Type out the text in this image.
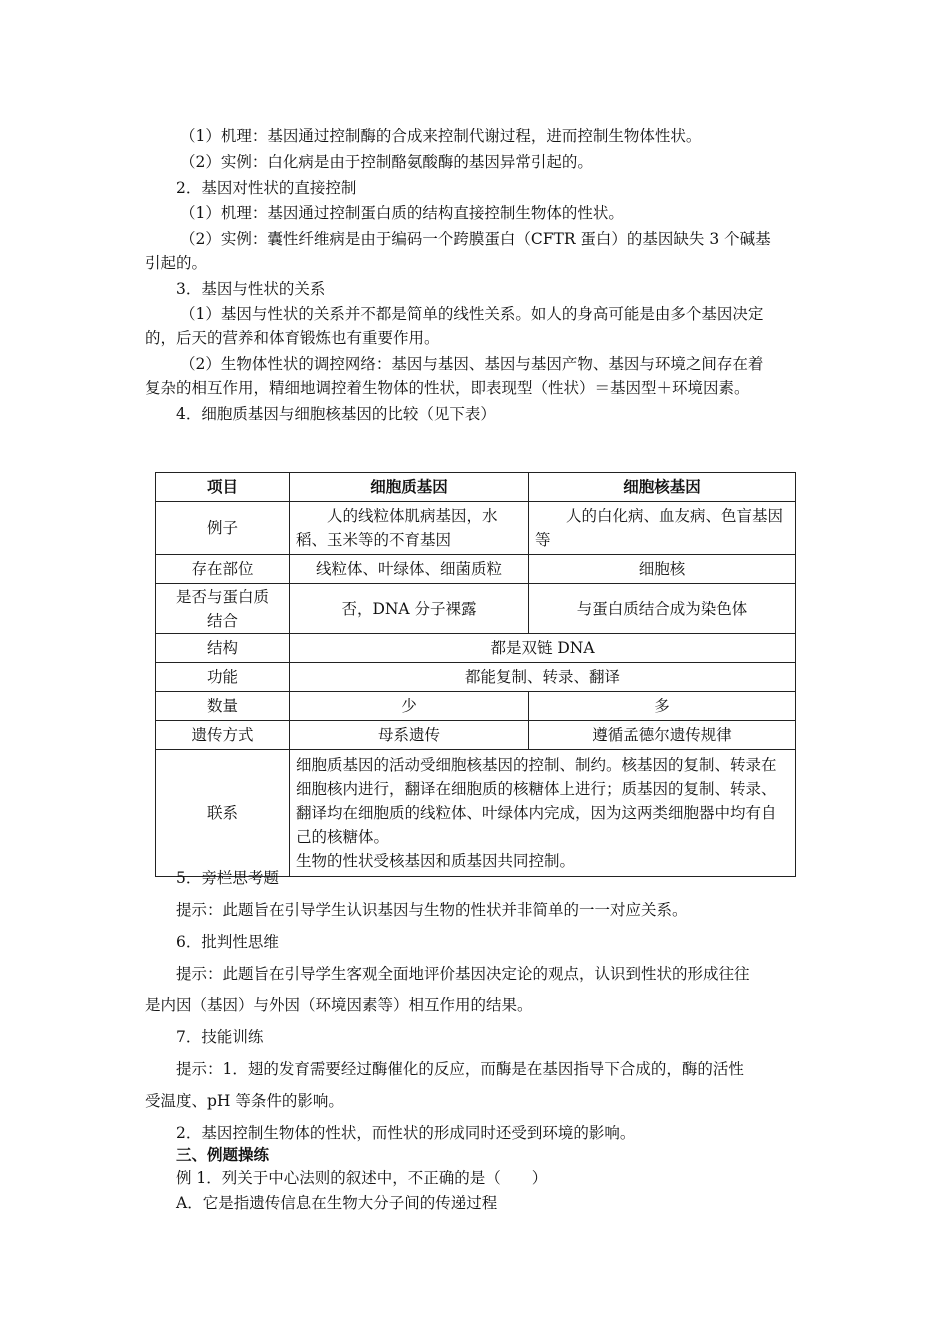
（1）机理：基因通过控制酶的合成来控制代谢过程，进而控制生物体性状。
（2）实例：白化病是由于控制酪氨酸酶的基因异常引起的。
2．基因对性状的直接控制
（1）机理：基因通过控制蛋白质的结构直接控制生物体的性状。
（2）实例：囊性纤维病是由于编码一个跨膜蛋白（CFTR 蛋白）的基因缺失 3 个碱基
引起的。
3．基因与性状的关系
（1）基因与性状的关系并不都是简单的线性关系。如人的身高可能是由多个基因决定
的，后天的营养和体育锻炼也有重要作用。
（2）生物体性状的调控网络：基因与基因、基因与基因产物、基因与环境之间存在着
复杂的相互作用，精细地调控着生物体的性状，即表现型（性状）＝基因型＋环境因素。
4．细胞质基因与细胞核基因的比较（见下表）
项目	细胞质基因	细胞核基因
例子	人的线粒体肌病基因，水稻、玉米等的不育基因	人的白化病、血友病、色盲基因等
存在部位	线粒体、叶绿体、细菌质粒	细胞核
是否与蛋白质结合	否，DNA 分子裸露	与蛋白质结合成为染色体
结构	都是双链 DNA	
功能	都能复制、转录、翻译	
数量	少	多
遗传方式	母系遗传	遵循孟德尔遗传规律
联系	细胞质基因的活动受细胞核基因的控制、制约。核基因的复制、转录在细胞核内进行，翻译在细胞质的核糖体上进行；质基因的复制、转录、翻译均在细胞质的线粒体、叶绿体内完成，因为这两类细胞器中均有自己的核糖体。
生物的性状受核基因和质基因共同控制。	
5．旁栏思考题
提示：此题旨在引导学生认识基因与生物的性状并非简单的一一对应关系。
6．批判性思维
提示：此题旨在引导学生客观全面地评价基因决定论的观点，认识到性状的形成往往
是内因（基因）与外因（环境因素等）相互作用的结果。
7．技能训练
提示：1．翅的发育需要经过酶催化的反应，而酶是在基因指导下合成的，酶的活性
受温度、pH 等条件的影响。
2．基因控制生物体的性状，而性状的形成同时还受到环境的影响。
三、例题操练
例 1．列关于中心法则的叙述中，不正确的是（　　）
A．它是指遗传信息在生物大分子间的传递过程
